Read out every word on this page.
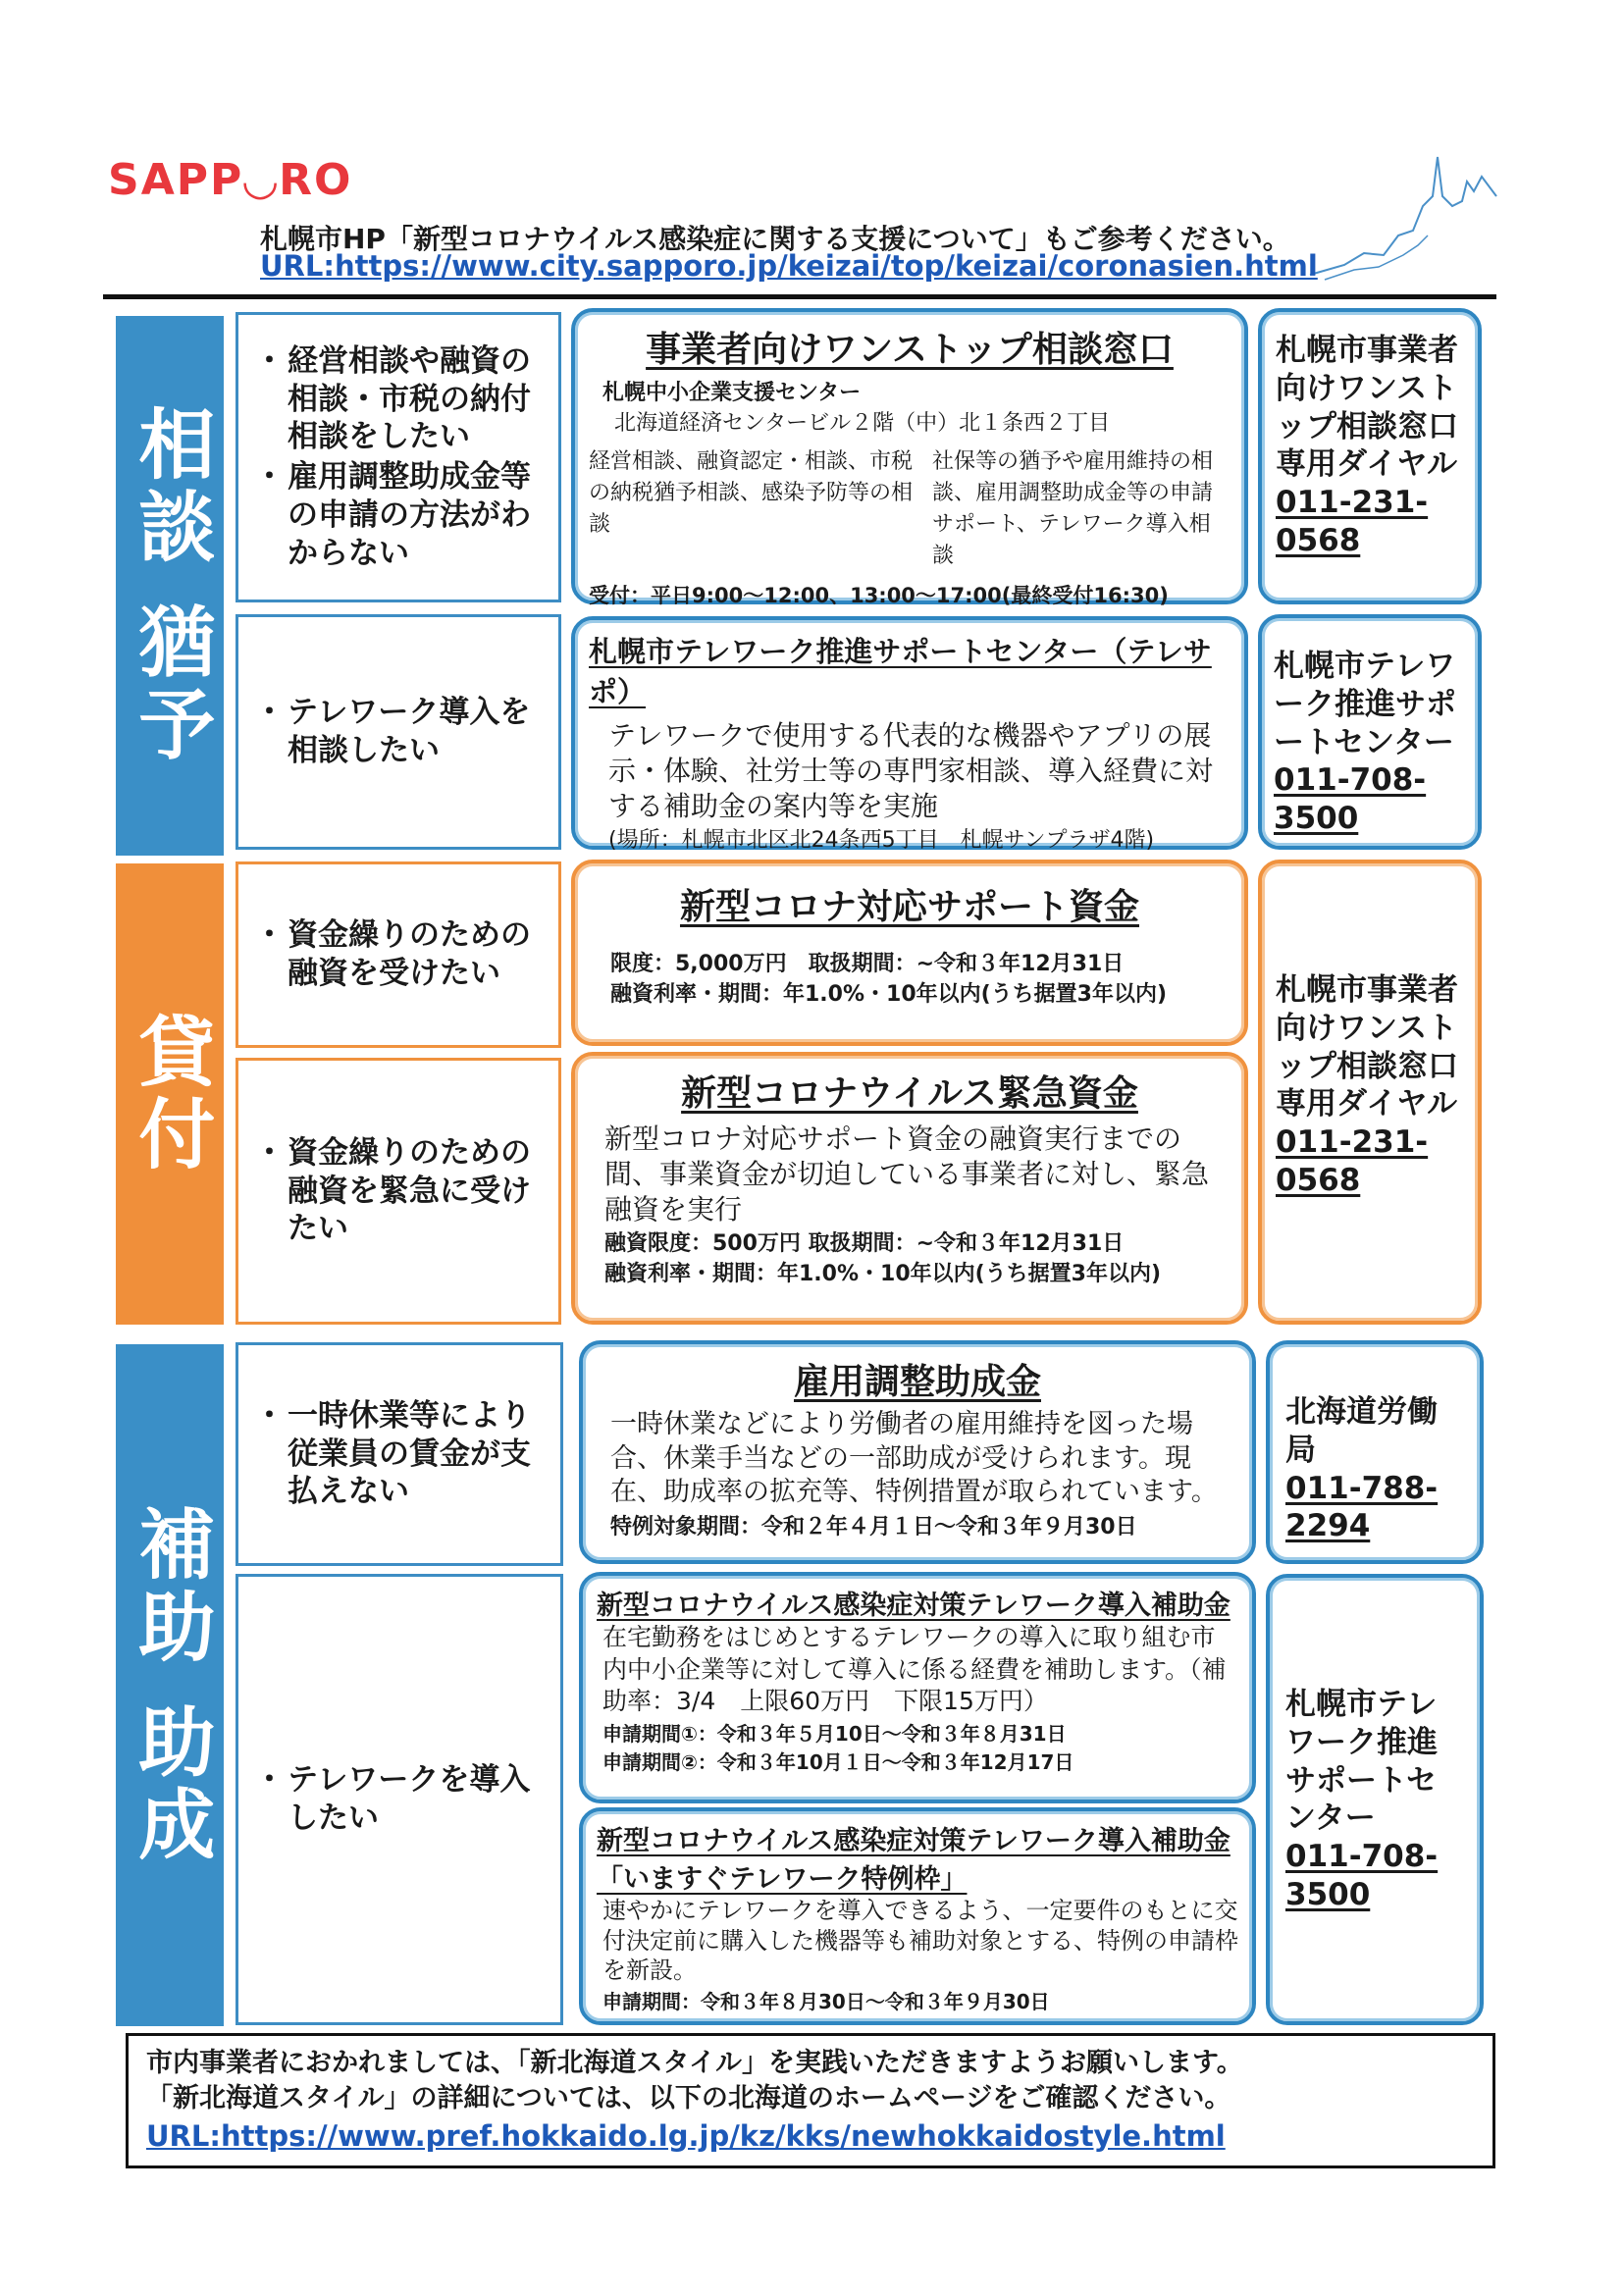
SAPP◡RO
札幌市HP「新型コロナウイルス感染症に関する支援について」もご参考ください。
URL:https://www.city.sapporo.jp/keizai/top/keizai/coronasien.html
相談 猶予
貸付
補助 助成
・ 経営相談や融資の相談・市税の納付相談をしたい
・ 雇用調整助成金等の申請の方法がわからない
事業者向けワンストップ相談窓口
札幌中小企業支援センター
北海道経済センタービル２階（中）北１条西２丁目
経営相談、融資認定・相談、市税の納税猶予相談、感染予防等の相談
社保等の猶予や雇用維持の相談、雇用調整助成金等の申請サポート、テレワーク導入相談
受付：平日9:00～12:00、13:00～17:00(最終受付16:30)
札幌市事業者向けワンストップ相談窓口専用ダイヤル
011-231-0568
・ テレワーク導入を相談したい
札幌市テレワーク推進サポートセンター（テレサポ）
テレワークで使用する代表的な機器やアプリの展示・体験、社労士等の専門家相談、導入経費に対する補助金の案内等を実施
(場所：札幌市北区北24条西5丁目　札幌サンプラザ4階)
札幌市テレワーク推進サポートセンター
011-708-3500
・ 資金繰りのための融資を受けたい
新型コロナ対応サポート資金
限度：5,000万円　取扱期間：~令和３年12月31日
融資利率・期間：年1.0%・10年以内(うち据置3年以内)
・ 資金繰りのための融資を緊急に受けたい
新型コロナウイルス緊急資金
新型コロナ対応サポート資金の融資実行までの間、事業資金が切迫している事業者に対し、緊急融資を実行
融資限度：500万円 取扱期間：~令和３年12月31日
融資利率・期間：年1.0%・10年以内(うち据置3年以内)
札幌市事業者向けワンストップ相談窓口専用ダイヤル
011-231-0568
・ 一時休業等により従業員の賃金が支払えない
雇用調整助成金
一時休業などにより労働者の雇用維持を図った場合、休業手当などの一部助成が受けられます。現在、助成率の拡充等、特例措置が取られています。
特例対象期間：令和２年４月１日～令和３年９月30日
北海道労働局
011-788-2294
・ テレワークを導入したい
新型コロナウイルス感染症対策テレワーク導入補助金
在宅勤務をはじめとするテレワークの導入に取り組む市内中小企業等に対して導入に係る経費を補助します。（補助率：3/4　上限60万円　下限15万円）
申請期間①：令和３年５月10日～令和３年８月31日
申請期間②：令和３年10月１日～令和３年12月17日
新型コロナウイルス感染症対策テレワーク導入補助金
「いますぐテレワーク特例枠」
速やかにテレワークを導入できるよう、一定要件のもとに交付決定前に購入した機器等も補助対象とする、特例の申請枠を新設。
申請期間：令和３年８月30日～令和３年９月30日
札幌市テレワーク推進サポートセンター
011-708-3500
市内事業者におかれましては、「新北海道スタイル」を実践いただきますようお願いします。
「新北海道スタイル」の詳細については、以下の北海道のホームページをご確認ください。
URL:https://www.pref.hokkaido.lg.jp/kz/kks/newhokkaidostyle.html
